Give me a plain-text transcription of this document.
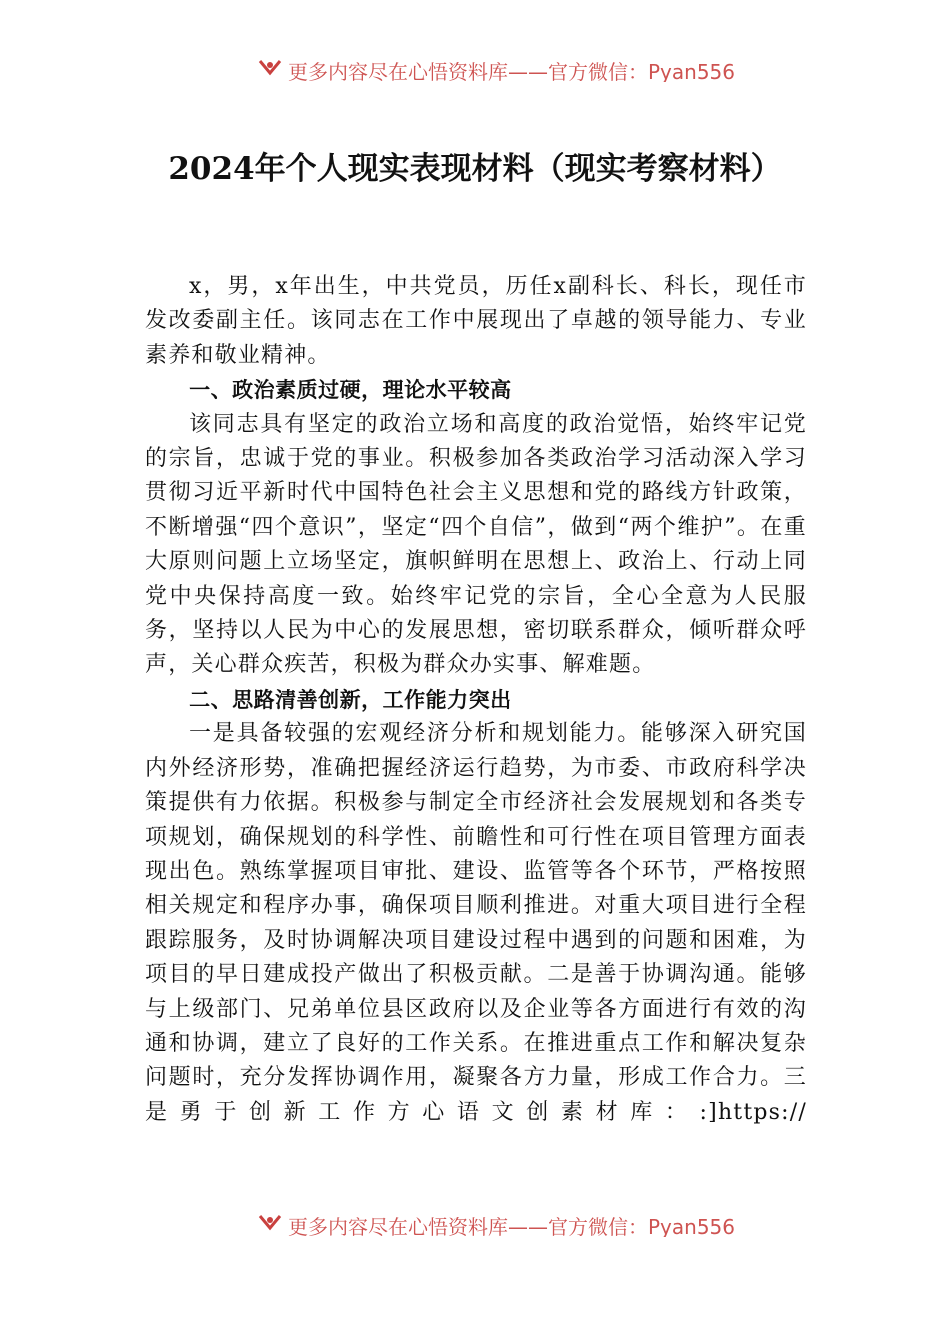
更多内容尽在心悟资料库——官方微信：Pyan556
2024年个人现实表现材料（现实考察材料）

x，男，x年出生，中共党员，历任x副科长、科长，现任市发改委副主任。该同志在工作中展现出了卓越的领导能力、专业素养和敬业精神。

一、政治素质过硬，理论水平较高

该同志具有坚定的政治立场和高度的政治觉悟，始终牢记党的宗旨，忠诚于党的事业。积极参加各类政治学习活动深入学习贯彻习近平新时代中国特色社会主义思想和党的路线方针政策，不断增强“四个意识”，坚定“四个自信”，做到“两个维护”。在重大原则问题上立场坚定，旗帜鲜明在思想上、政治上、行动上同党中央保持高度一致。始终牢记党的宗旨，全心全意为人民服务，坚持以人民为中心的发展思想，密切联系群众，倾听群众呼声，关心群众疾苦，积极为群众办实事、解难题。

二、思路清善创新，工作能力突出

一是具备较强的宏观经济分析和规划能力。能够深入研究国内外经济形势，准确把握经济运行趋势，为市委、市政府科学决策提供有力依据。积极参与制定全市经济社会发展规划和各类专项规划，确保规划的科学性、前瞻性和可行性在项目管理方面表现出色。熟练掌握项目审批、建设、监管等各个环节，严格按照相关规定和程序办事，确保项目顺利推进。对重大项目进行全程跟踪服务，及时协调解决项目建设过程中遇到的问题和困难，为项目的早日建成投产做出了积极贡献。二是善于协调沟通。能够与上级部门、兄弟单位县区政府以及企业等各方面进行有效的沟通和协调，建立了良好的工作关系。在推进重点工作和解决复杂问题时，充分发挥协调作用，凝聚各方力量，形成工作合力。三是勇于创新工作方心语文创素材库：:]https://

更多内容尽在心悟资料库——官方微信：Pyan556
